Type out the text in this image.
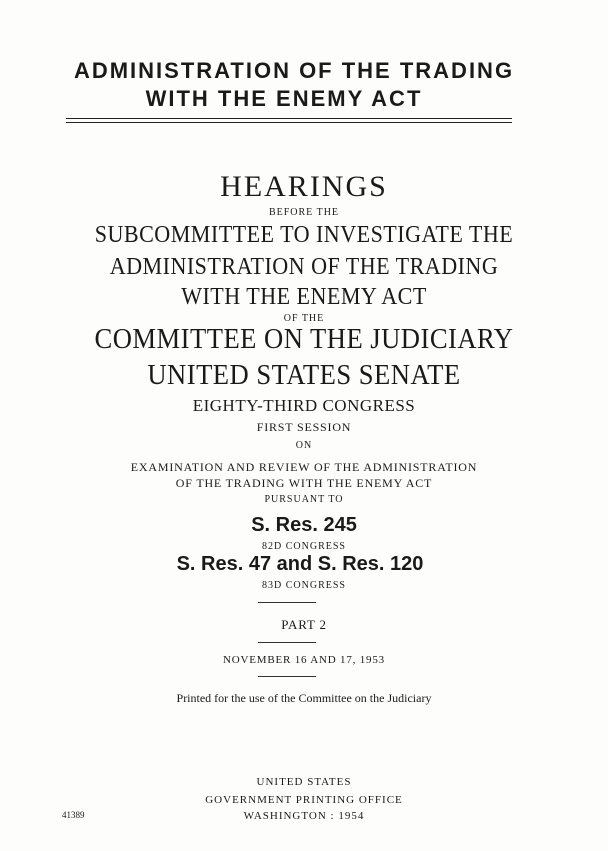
ADMINISTRATION OF THE TRADING
WITH THE ENEMY ACT
HEARINGS
BEFORE THE
SUBCOMMITTEE TO INVESTIGATE THE
ADMINISTRATION OF THE TRADING
WITH THE ENEMY ACT
OF THE
COMMITTEE ON THE JUDICIARY
UNITED STATES SENATE
EIGHTY-THIRD CONGRESS
FIRST SESSION
ON
EXAMINATION AND REVIEW OF THE ADMINISTRATION
OF THE TRADING WITH THE ENEMY ACT
PURSUANT TO
S. Res. 245
82D CONGRESS
S. Res. 47 and S. Res. 120
83D CONGRESS
PART 2
NOVEMBER 16 AND 17, 1953
Printed for the use of the Committee on the Judiciary
UNITED STATES
GOVERNMENT PRINTING OFFICE
WASHINGTON : 1954
41389
